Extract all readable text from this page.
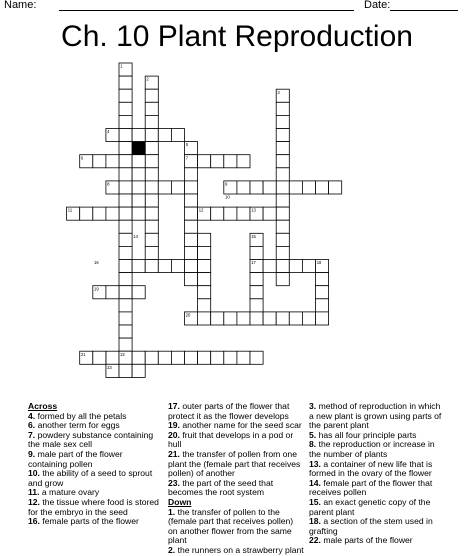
Name:	Date:
Ch. 10 Plant Reproduction
1
2
3
4
5
6	7
8	9
10
11	12	13
14	15
16	17	18
19
20
21	22
23
Across
4. formed by all the petals
6. another term for eggs
7. powdery substance containing the male sex cell
9. male part of the flower containing pollen
10. the ability of a seed to sprout and grow
11. a mature ovary
12. the tissue where food is stored for the embryo in the seed
16. female parts of the flower
17. outer parts of the flower that protect it as the flower develops
19. another name for the seed scar
20. fruit that develops in a pod or hull
21. the transfer of pollen from one plant the (female part that receives pollen) of another
23. the part of the seed that becomes the root system
Down
1. the transfer of pollen to the (female part that receives pollen) on another flower from the same plant
2. the runners on a strawberry plant
3. method of reproduction in which a new plant is grown using parts of the parent plant
5. has all four principle parts
8. the reproduction or increase in the number of plants
13. a container of new life that is formed in the ovary of the flower
14. female part of the flower that receives pollen
15. an exact genetic copy of the parent plant
18. a section of the stem used in grafting
22. male parts of the flower
